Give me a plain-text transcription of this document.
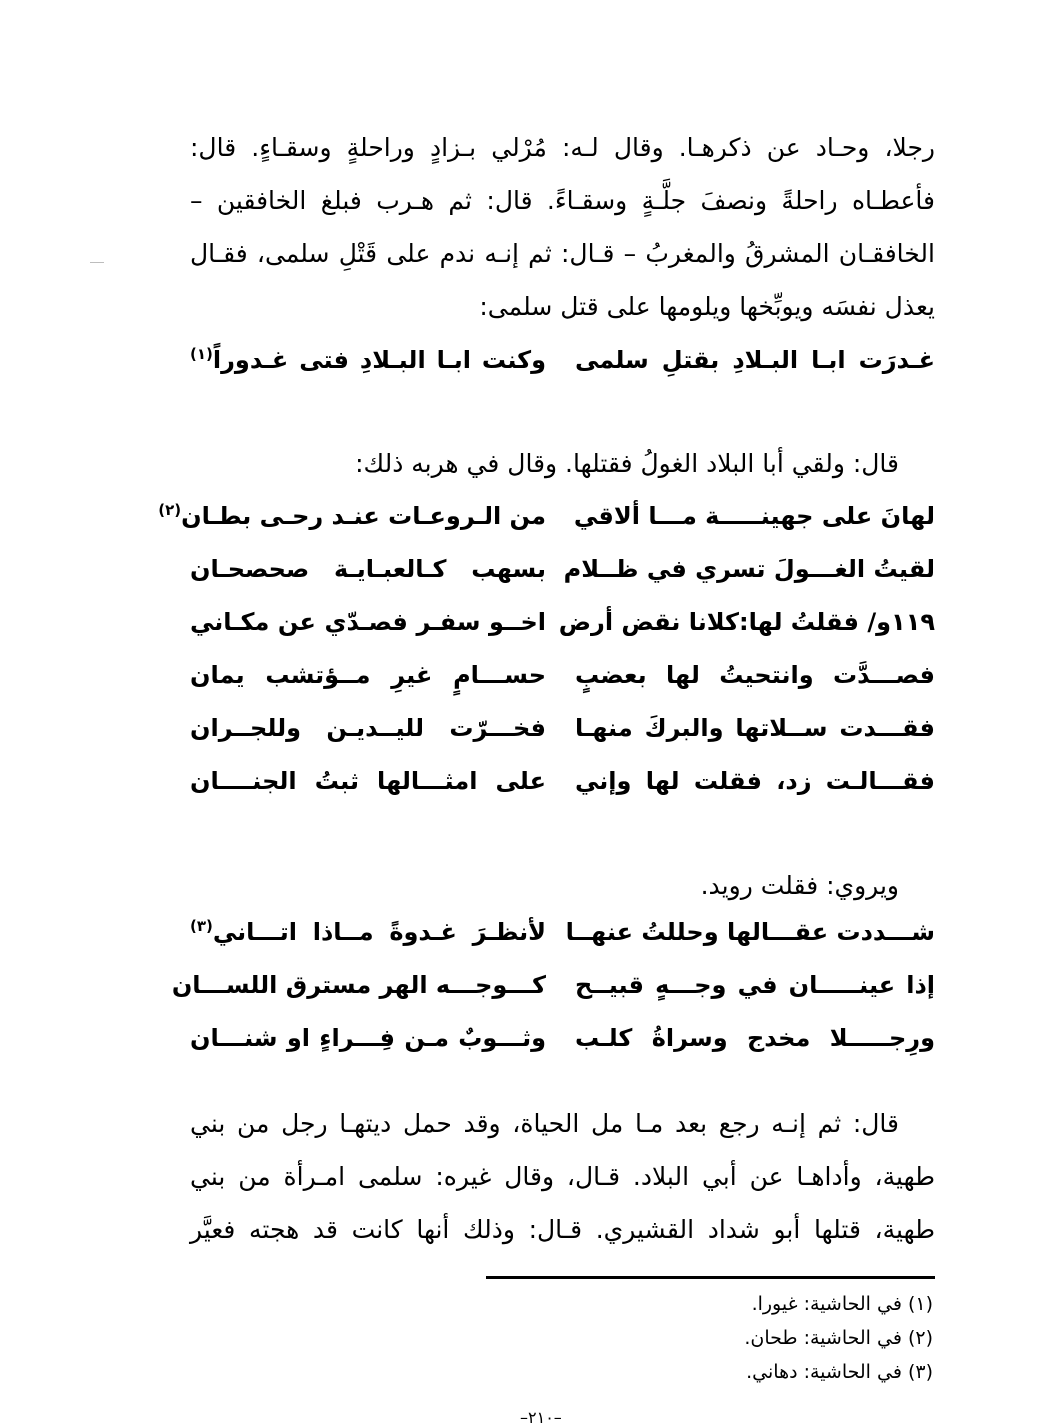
رجلا، وحـاد عن ذكرهـا. وقال لـه: مُرْلي بـزادٍ وراحلةٍ وسقـاءٍ. قال:
فأعطـاه راحلةً ونصفَ جلَّـةٍ وسقـاءً. قال: ثم هـرب فبلغ الخافقين –
الخافقـان المشرقُ والمغربُ – قـال: ثم إنـه ندم على قَتْلِ سلمى، فقـال
يعذل نفسَه ويوبِّخها ويلومها على قتل سلمى:
غـدرَت ابـا البـلادِ بقتلِ سلمى
وكنت ابـا البـلادِ فتى غـدوراً$^{(١)}$
قال: ولقي أبا البلاد الغولُ فقتلها. وقال في هربه ذلك:
لهانَ على جهينـــــة مـــا ألاقي
من الـروعـات عنـد رحـى بطـان$^{(٢)}$
لقيتُ الغـــولَ تسري في ظــلام
بسهب كـالعبـايـة صحصحـان
١١٩و/ فقلتُ لها:كلانا نقض أرض
اخــو سفـر فصـدّي عن مكـاني
فصـــدَّت وانتحيتُ لها بعضبٍ
حســـامٍ غيرِ مــؤتشب يمان
فقـــدت ســلاتها والبركَ منهـا
فخـــرّت لليــديـن وللجــران
فقـــالـت زد، فقلت لها وإني
على امثـــالها ثبتُ الجنــــان
ويروي: فقلت رويد.
شـــددت عقـــالها وحللتُ عنهــا
لأنظـرَ غـدوةً مــاذا اتـــاني$^{(٣)}$
إذا عينـــــان في وجـــهٍ قبيــح
كـــوجـــه الهر مسترق اللســـان
ورِجـــــلا مخدج وسراةُ كلـب
وثـــوبٌ مـن فِـــراءٍ او شنـــان
قال: ثم إنـه رجع بعد مـا مل الحياة، وقد حمل ديتهـا رجل من بني
طهية، وأداهـا عن أبي البلاد. قـال، وقال غيره: سلمى امـرأة من بني
طهية، قتلها أبو شداد القشيري. قـال: وذلك أنها كانت قد هجته فعيَّر
(١) في الحاشية: غيورا.
(٢) في الحاشية: طحان.
(٣) في الحاشية: دهاني.
–٢١٠–
